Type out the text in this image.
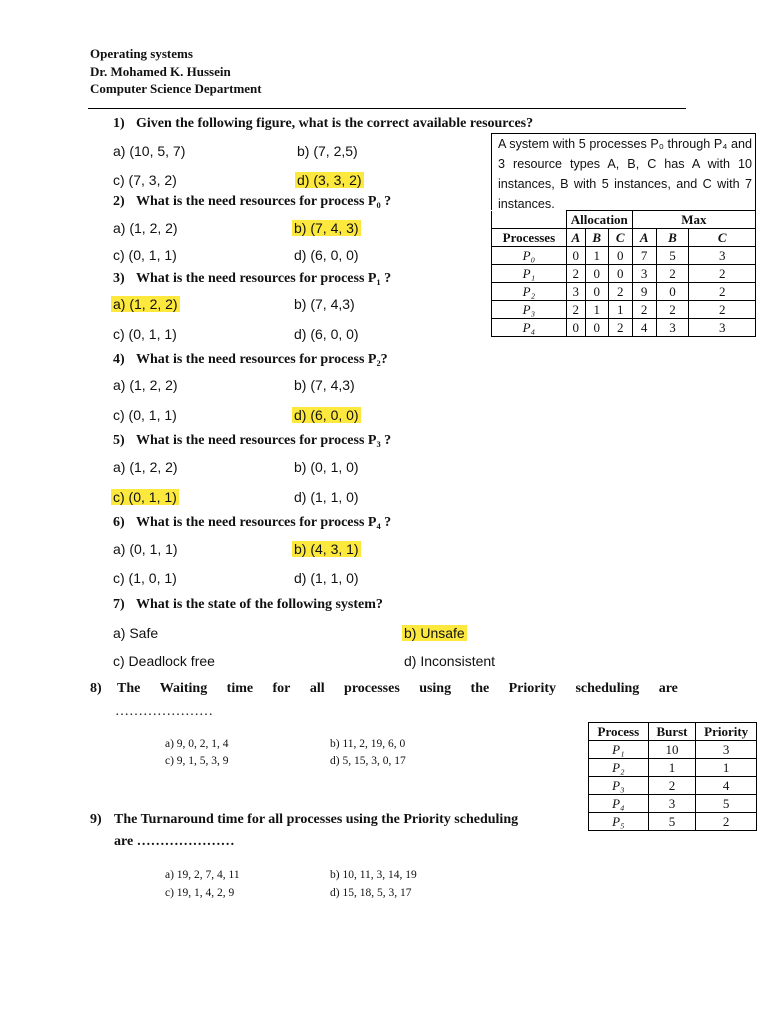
Operating systems
Dr. Mohamed K. Hussein
Computer Science Department
1) Given the following figure, what is the correct available resources?
a) (10, 5, 7)	b) (7, 2,5)
c) (7, 3, 2)	d) (3, 3, 2)
2) What is the need resources for process P₀ ?
a) (1, 2, 2)	b) (7, 4, 3)
c) (0, 1, 1)	d) (6, 0, 0)
3) What is the need resources for process P₁ ?
a) (1, 2, 2)	b) (7, 4,3)
c) (0, 1, 1)	d) (6, 0, 0)
4) What is the need resources for process P₂?
a) (1, 2, 2)	b) (7, 4,3)
c) (0, 1, 1)	d) (6, 0, 0)
5) What is the need resources for process P₃ ?
a) (1, 2, 2)	b) (0, 1, 0)
c) (0, 1, 1)	d) (1, 1, 0)
6) What is the need resources for process P₄ ?
a) (0, 1, 1)	b) (4, 3, 1)
c) (1, 0, 1)	d) (1, 1, 0)
7) What is the state of the following system?
a) Safe	b) Unsafe
c) Deadlock free	d) Inconsistent
8) The Waiting time for all processes using the Priority scheduling are
…………………
a) 9, 0, 2, 1, 4	b) 11, 2, 19, 6, 0
c) 9, 1, 5, 3, 9	d) 5, 15, 3, 0, 17
9) The Turnaround time for all processes using the Priority scheduling
are …………………
a) 19, 2, 7, 4, 11	b) 10, 11, 3, 14, 19
c) 19, 1, 4, 2, 9	d) 15, 18, 5, 3, 17
A system with 5 processes P₀ through P₄ and 3 resource types A, B, C has A with 10 instances, B with 5 instances, and C with 7 instances.
	Allocation			Max		
Processes	A	B	C	A	B	C
P₀	0	1	0	7	5	3
P₁	2	0	0	3	2	2
P₂	3	0	2	9	0	2
P₃	2	1	1	2	2	2
P₄	0	0	2	4	3	3
Process	Burst	Priority
P₁	10	3
P₂	1	1
P₃	2	4
P₄	3	5
P₅	5	2
